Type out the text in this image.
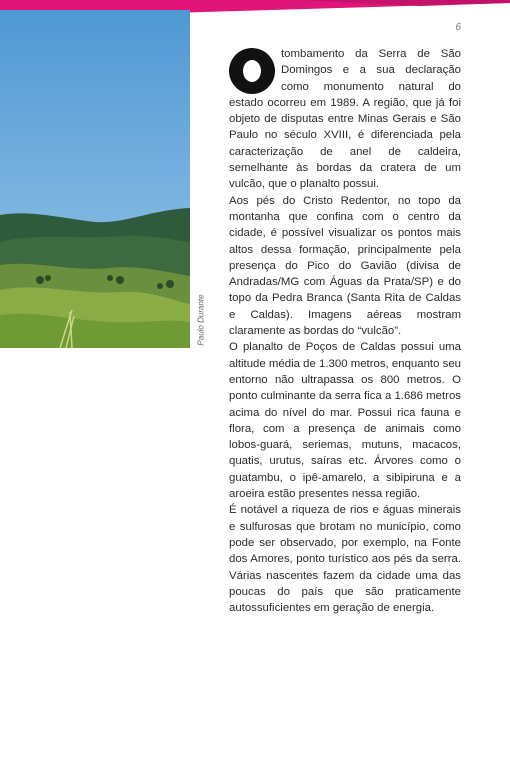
Paulo Durante
6

tombamento da Serra de São Domingos e a sua declaração como monumento natural do estado ocorreu em 1989. A região, que já foi objeto de disputas entre Minas Gerais e São Paulo no século XVIII, é diferenciada pela caracterização de anel de caldeira, semelhante às bordas da cratera de um vulcão, que o planalto possui.

Aos pés do Cristo Redentor, no topo da montanha que confina com o centro da cidade, é possível visualizar os pontos mais altos dessa formação, principalmente pela presença do Pico do Gavião (divisa de Andradas/MG com Águas da Prata/SP) e do topo da Pedra Branca (Santa Rita de Caldas e Caldas). Imagens aéreas mostram claramente as bordas do “vulcão”.

O planalto de Poços de Caldas possui uma altitude média de 1.300 metros, enquanto seu entorno não ultrapassa os 800 metros. O ponto culminante da serra fica a 1.686 metros acima do nível do mar. Possui rica fauna e flora, com a presença de animais como lobos-guará, seriemas, mutuns, macacos, quatis, urutus, saíras etc. Árvores como o guatambu, o ipê-amarelo, a sibipiruna e a aroeira estão presentes nessa região.

É notável a riqueza de rios e águas minerais e sulfurosas que brotam no município, como pode ser observado, por exemplo, na Fonte dos Amores, ponto turístico aos pés da serra. Várias nascentes fazem da cidade uma das poucas do país que são praticamente autossuficientes em geração de energia.
